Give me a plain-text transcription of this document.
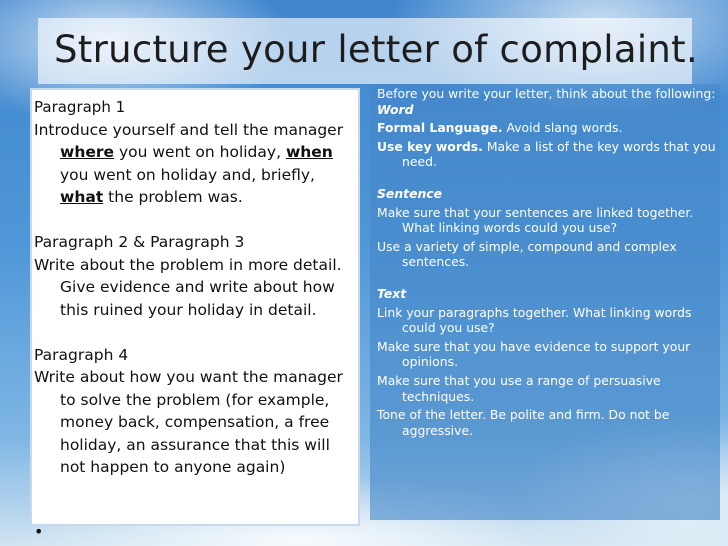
Structure your letter of complaint.
Paragraph 1

Introduce yourself and tell the manager where you went on holiday, when you went on holiday and, briefly, what the problem was.

Paragraph 2 & Paragraph 3

Write about the problem in more detail. Give evidence and write about how this ruined your holiday in detail.

Paragraph 4

Write about how you want the manager to solve the problem (for example, money back, compensation, a free holiday, an assurance that this will not happen to anyone again)

•

Before you write your letter, think about the following:

Word

Formal Language. Avoid slang words.

Use key words. Make a list of the key words that you need.

Sentence

Make sure that your sentences are linked together. What linking words could you use?

Use a variety of simple, compound and complex sentences.

Text

Link your paragraphs together. What linking words could you use?

Make sure that you have evidence to support your opinions.

Make sure that you use a range of persuasive techniques.

Tone of the letter. Be polite and firm. Do not be aggressive.
